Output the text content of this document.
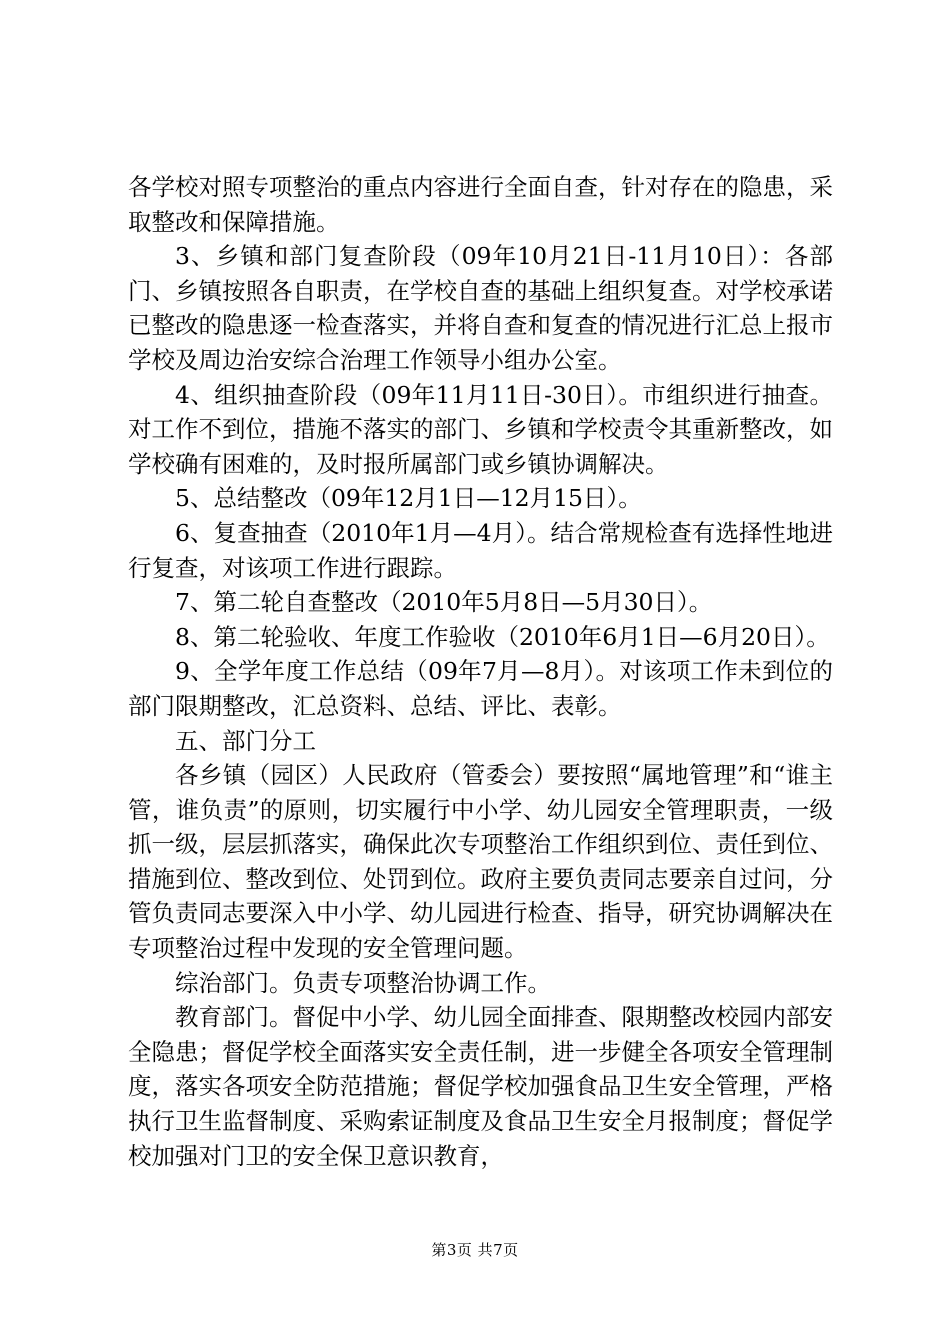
各学校对照专项整治的重点内容进行全面自查，针对存在的隐患，采取整改和保障措施。

3、乡镇和部门复查阶段（09年10月21日-11月10日）：各部门、乡镇按照各自职责，在学校自查的基础上组织复查。对学校承诺已整改的隐患逐一检查落实，并将自查和复查的情况进行汇总上报市学校及周边治安综合治理工作领导小组办公室。

4、组织抽查阶段（09年11月11日-30日）。市组织进行抽查。对工作不到位，措施不落实的部门、乡镇和学校责令其重新整改，如学校确有困难的，及时报所属部门或乡镇协调解决。

5、总结整改（09年12月1日—12月15日）。

6、复查抽查（2010年1月—4月）。结合常规检查有选择性地进行复查，对该项工作进行跟踪。

7、第二轮自查整改（2010年5月8日—5月30日）。

8、第二轮验收、年度工作验收（2010年6月1日—6月20日）。

9、全学年度工作总结（09年7月—8月）。对该项工作未到位的部门限期整改，汇总资料、总结、评比、表彰。

五、部门分工

各乡镇（园区）人民政府（管委会）要按照“属地管理”和“谁主管，谁负责”的原则，切实履行中小学、幼儿园安全管理职责，一级抓一级，层层抓落实，确保此次专项整治工作组织到位、责任到位、措施到位、整改到位、处罚到位。政府主要负责同志要亲自过问，分管负责同志要深入中小学、幼儿园进行检查、指导，研究协调解决在专项整治过程中发现的安全管理问题。

综治部门。负责专项整治协调工作。

教育部门。督促中小学、幼儿园全面排查、限期整改校园内部安全隐患；督促学校全面落实安全责任制，进一步健全各项安全管理制度，落实各项安全防范措施；督促学校加强食品卫生安全管理，严格执行卫生监督制度、采购索证制度及食品卫生安全月报制度；督促学校加强对门卫的安全保卫意识教育，

第3页 共7页
